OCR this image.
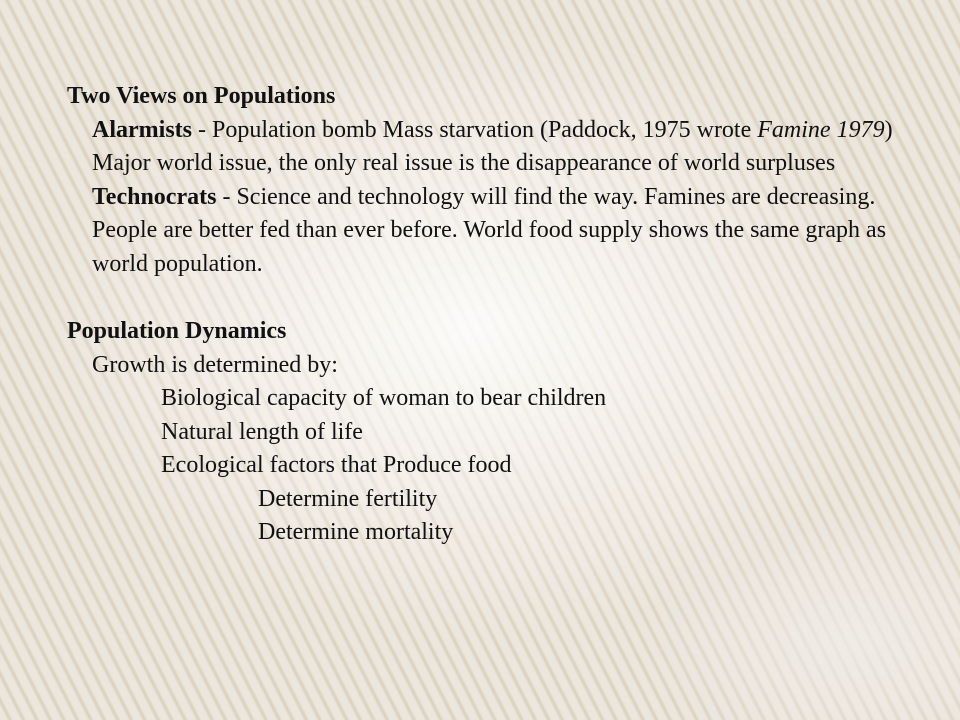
Two Views on Populations

Alarmists - Population bomb Mass starvation (Paddock, 1975 wrote Famine 1979) Major world issue, the only real issue is the disappearance of world surpluses

Technocrats - Science and technology will find the way. Famines are decreasing. People are better fed than ever before. World food supply shows the same graph as world population.

Population Dynamics

Growth is determined by:

Biological capacity of woman to bear children

Natural length of life

Ecological factors that Produce food

Determine fertility

Determine mortality
